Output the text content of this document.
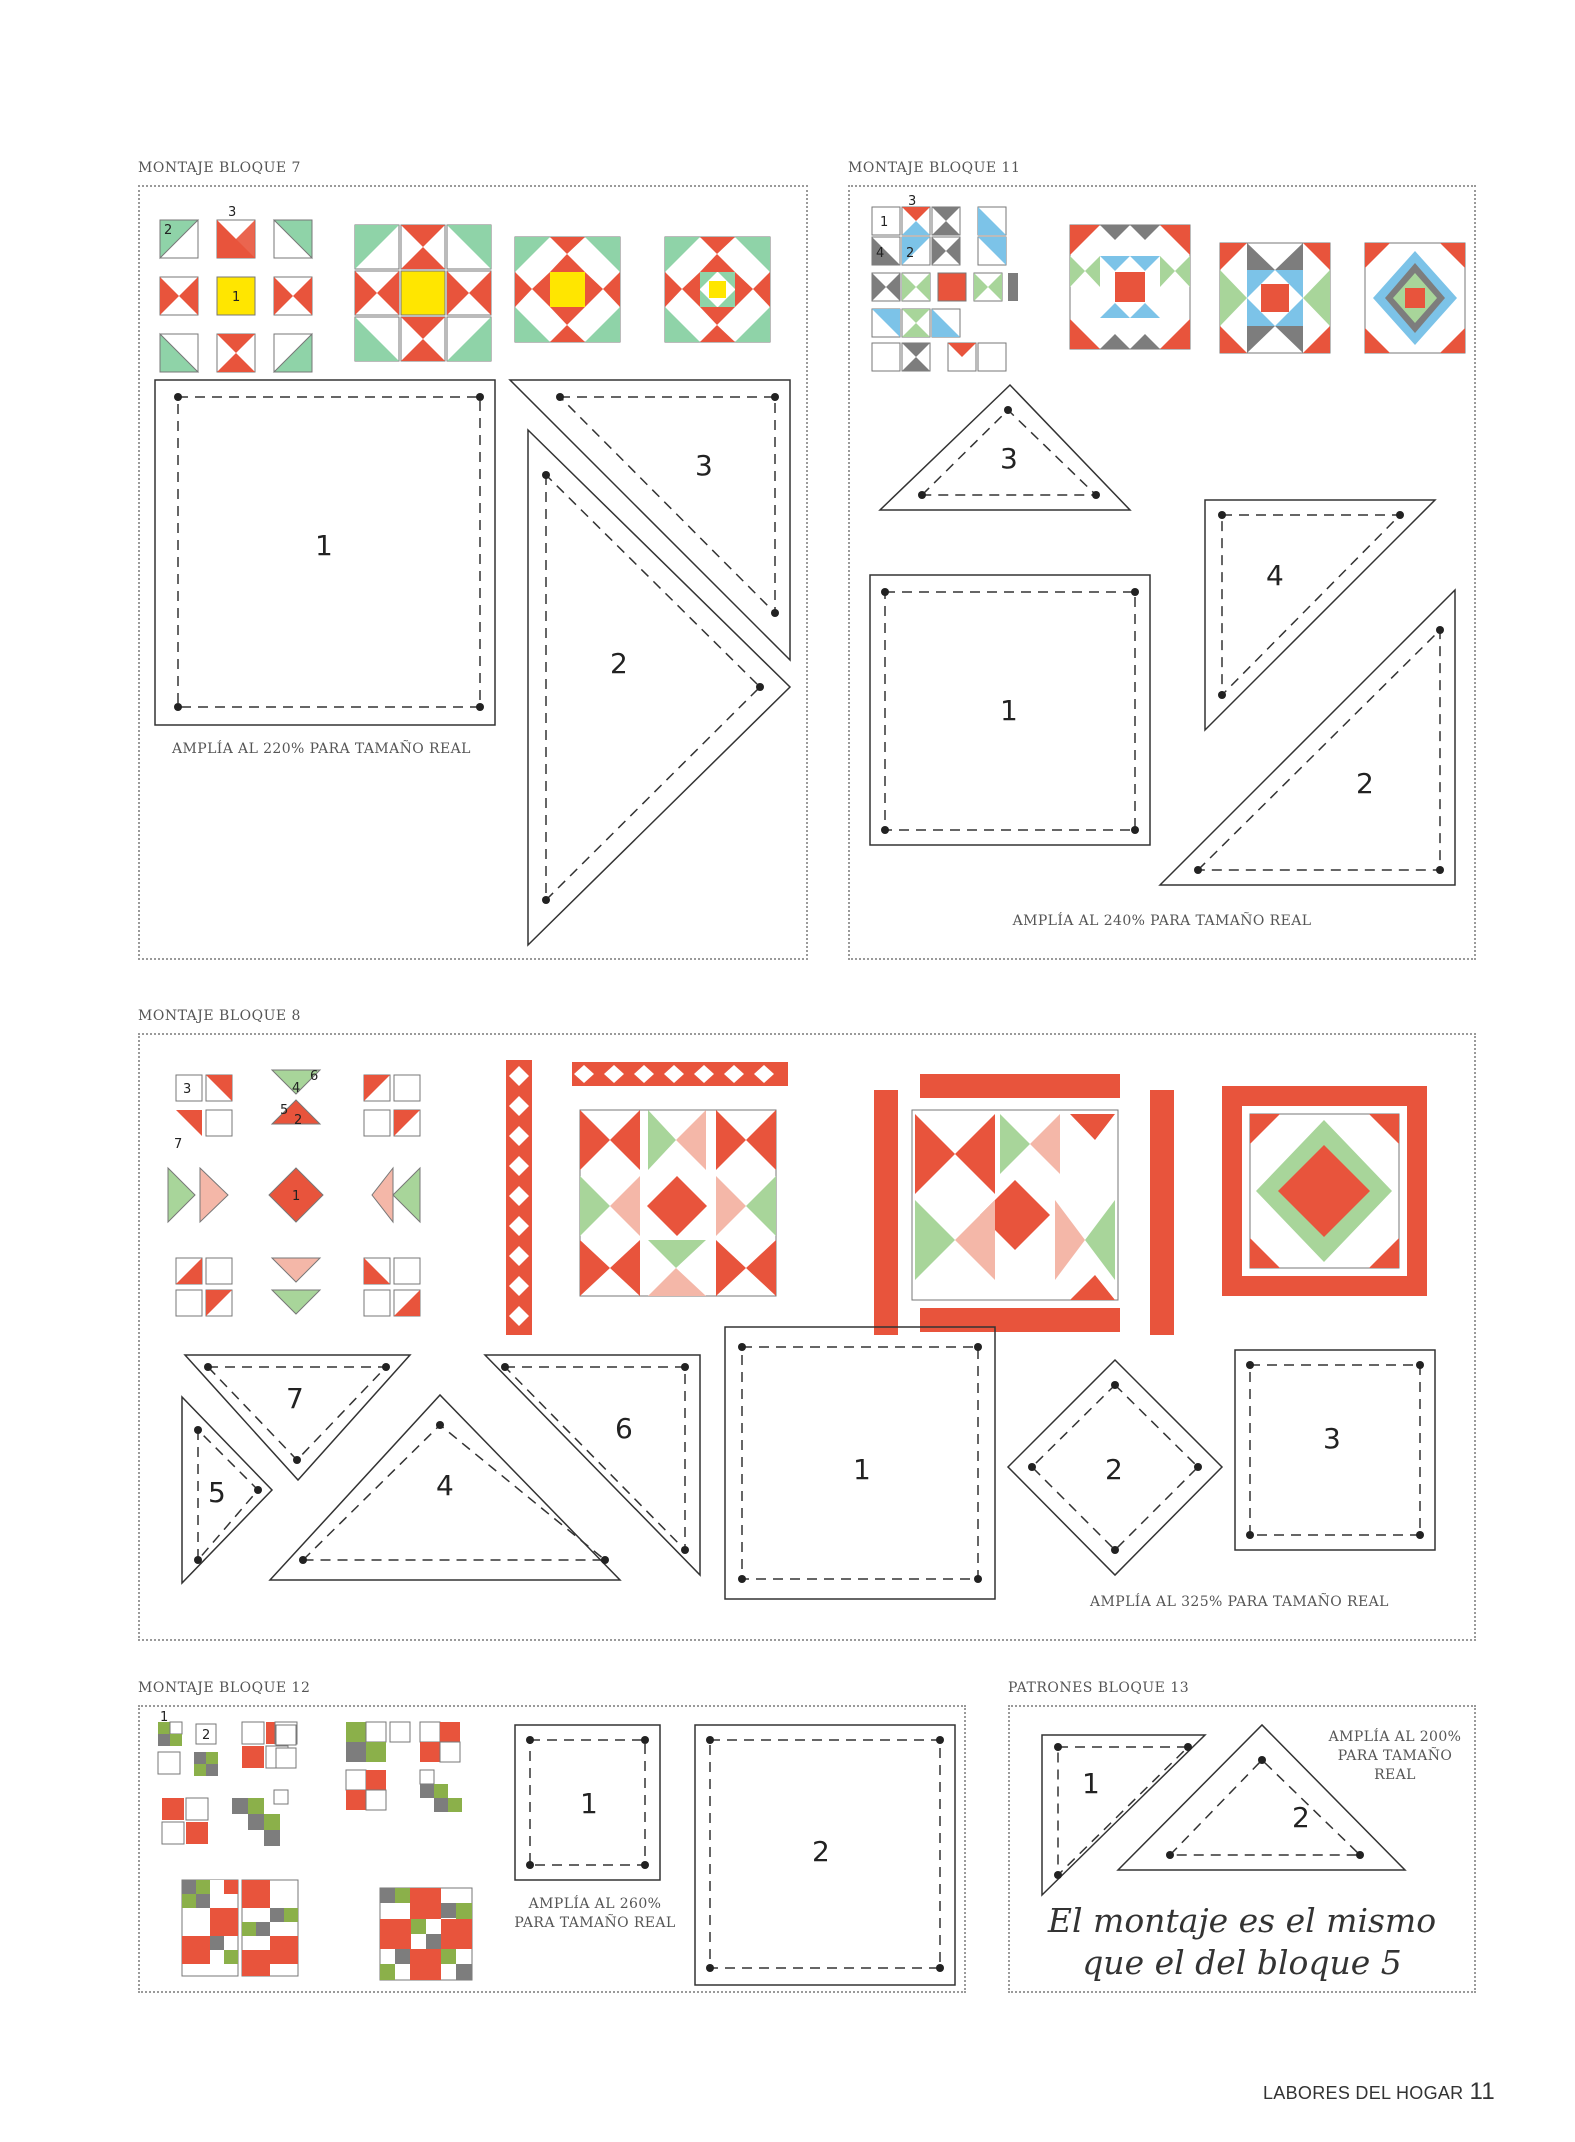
MONTAJE BLOQUE 7
3
2
1
1
2
3
AMPLÍA AL 220% PARA TAMAÑO REAL
MONTAJE BLOQUE 11
1
3
4 2
3
4
1
2
AMPLÍA AL 240% PARA TAMAÑO REAL
MONTAJE BLOQUE 8
3	4
6
5
2
7
1
7
5	4
6
1	2
3
AMPLÍA AL 325% PARA TAMAÑO REAL
MONTAJE BLOQUE 12
1
2
1
2
AMPLÍA AL 260%
PARA TAMAÑO REAL
PATRONES BLOQUE 13
1
2
AMPLÍA AL 200%
PARA TAMAÑO
REAL
El montaje es el mismo
que el del bloque 5
LABORES DEL HOGAR 11
